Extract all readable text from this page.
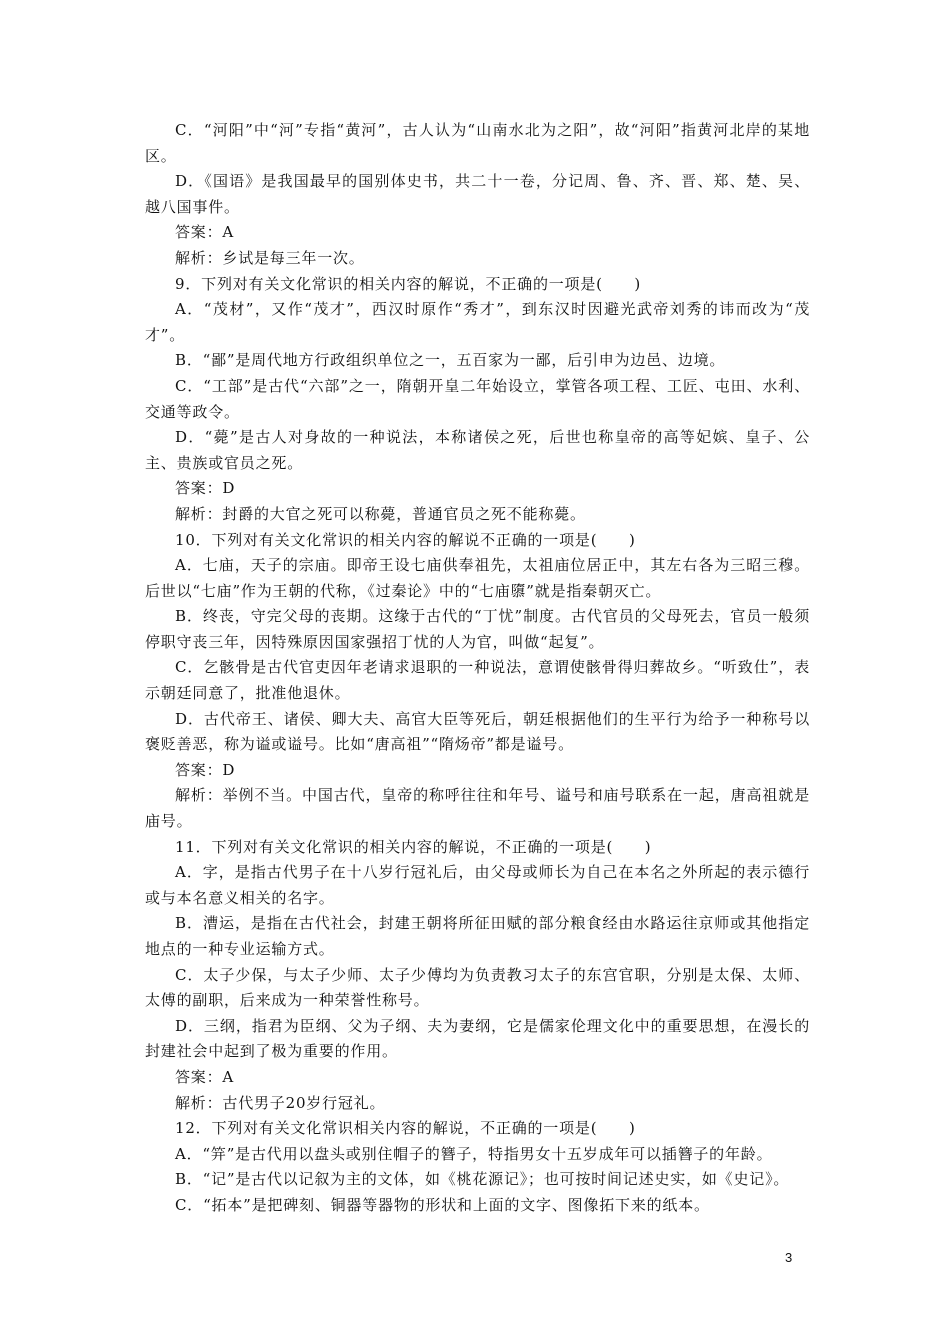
C．“河阳”中“河”专指“黄河”，古人认为“山南水北为之阳”，故“河阳”指黄河北岸的某地区。

D．《国语》是我国最早的国别体史书，共二十一卷，分记周、鲁、齐、晋、郑、楚、吴、越八国事件。

答案：A

解析：乡试是每三年一次。

9．下列对有关文化常识的相关内容的解说，不正确的一项是(　　)

A．“茂材”，又作“茂才”，西汉时原作“秀才”，到东汉时因避光武帝刘秀的讳而改为“茂才”。

B．“鄙”是周代地方行政组织单位之一，五百家为一鄙，后引申为边邑、边境。

C．“工部”是古代“六部”之一，隋朝开皇二年始设立，掌管各项工程、工匠、屯田、水利、交通等政令。

D．“薨”是古人对身故的一种说法，本称诸侯之死，后世也称皇帝的高等妃嫔、皇子、公主、贵族或官员之死。

答案：D

解析：封爵的大官之死可以称薨，普通官员之死不能称薨。

10．下列对有关文化常识的相关内容的解说不正确的一项是(　　)

A．七庙，天子的宗庙。即帝王设七庙供奉祖先，太祖庙位居正中，其左右各为三昭三穆。后世以“七庙”作为王朝的代称，《过秦论》中的“七庙隳”就是指秦朝灭亡。

B．终丧，守完父母的丧期。这缘于古代的“丁忧”制度。古代官员的父母死去，官员一般须停职守丧三年，因特殊原因国家强招丁忧的人为官，叫做“起复”。

C．乞骸骨是古代官吏因年老请求退职的一种说法，意谓使骸骨得归葬故乡。“听致仕”，表示朝廷同意了，批准他退休。

D．古代帝王、诸侯、卿大夫、高官大臣等死后，朝廷根据他们的生平行为给予一种称号以褒贬善恶，称为谥或谥号。比如“唐高祖”“隋炀帝”都是谥号。

答案：D

解析：举例不当。中国古代，皇帝的称呼往往和年号、谥号和庙号联系在一起，唐高祖就是庙号。

11．下列对有关文化常识的相关内容的解说，不正确的一项是(　　)

A．字，是指古代男子在十八岁行冠礼后，由父母或师长为自己在本名之外所起的表示德行或与本名意义相关的名字。

B．漕运，是指在古代社会，封建王朝将所征田赋的部分粮食经由水路运往京师或其他指定地点的一种专业运输方式。

C．太子少保，与太子少师、太子少傅均为负责教习太子的东宫官职，分别是太保、太师、太傅的副职，后来成为一种荣誉性称号。

D．三纲，指君为臣纲、父为子纲、夫为妻纲，它是儒家伦理文化中的重要思想，在漫长的封建社会中起到了极为重要的作用。

答案：A

解析：古代男子20岁行冠礼。

12．下列对有关文化常识相关内容的解说，不正确的一项是(　　)

A．“笄”是古代用以盘头或别住帽子的簪子，特指男女十五岁成年可以插簪子的年龄。

B．“记”是古代以记叙为主的文体，如《桃花源记》；也可按时间记述史实，如《史记》。

C．“拓本”是把碑刻、铜器等器物的形状和上面的文字、图像拓下来的纸本。

3
